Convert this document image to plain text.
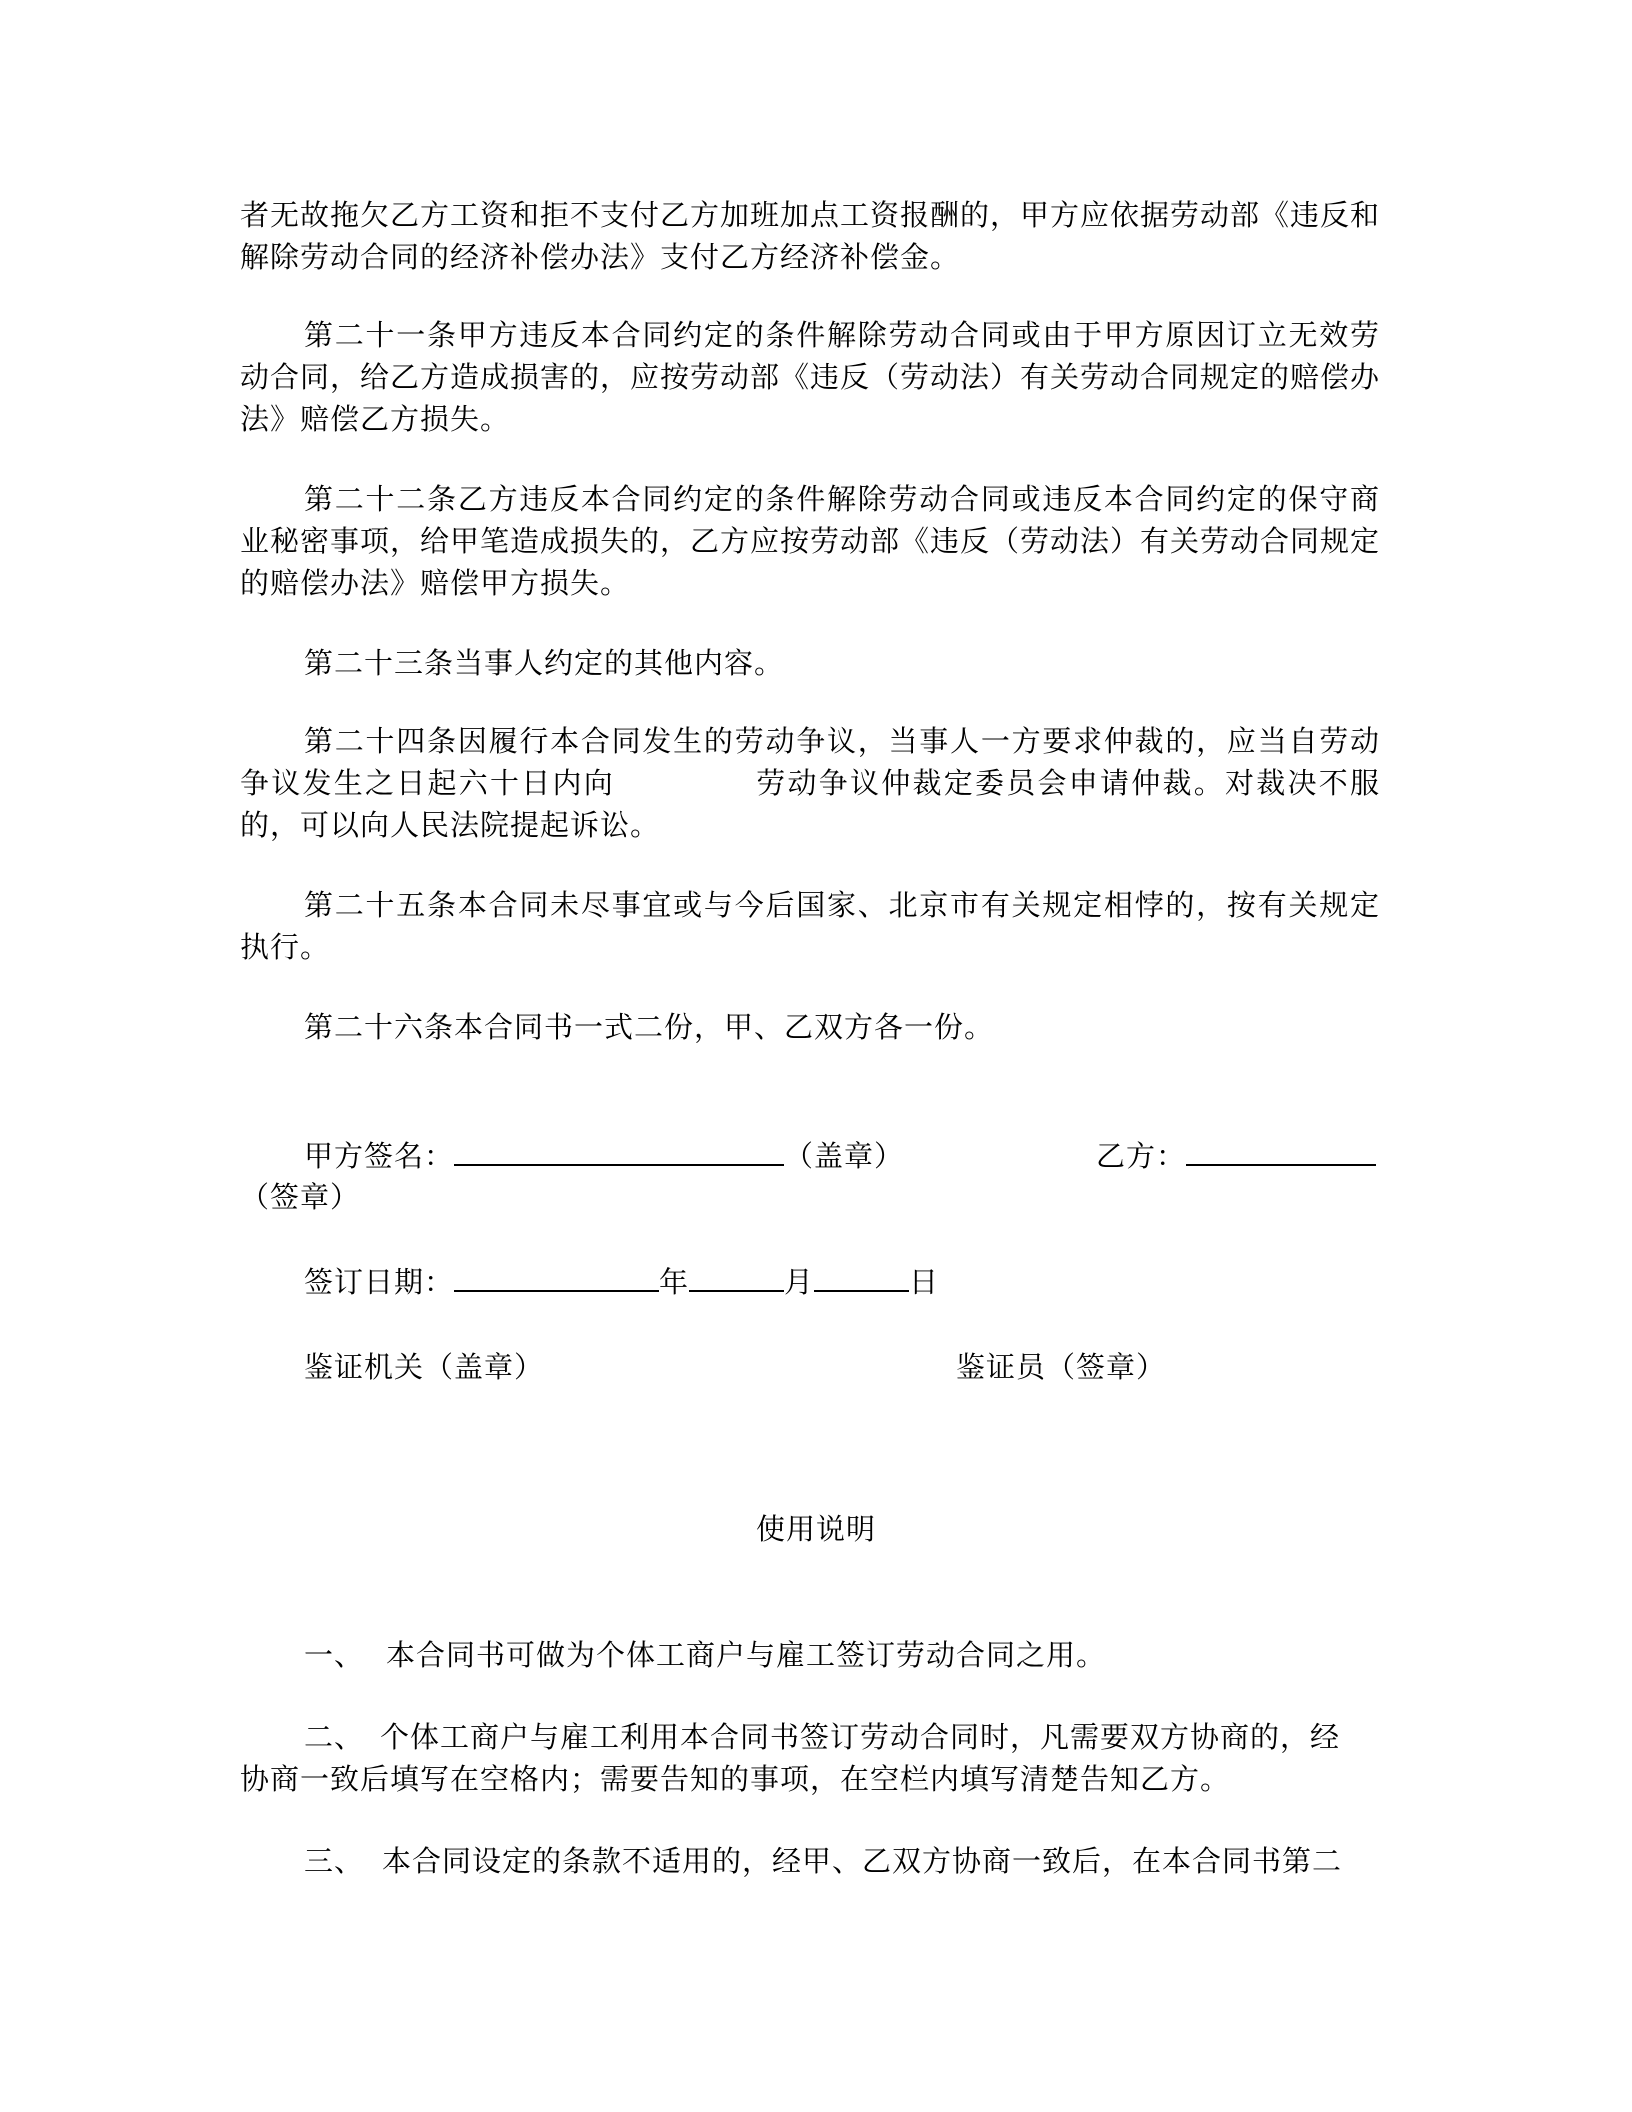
者无故拖欠乙方工资和拒不支付乙方加班加点工资报酬的，甲方应依据劳动部《违反和解除劳动合同的经济补偿办法》支付乙方经济补偿金。

第二十一条甲方违反本合同约定的条件解除劳动合同或由于甲方原因订立无效劳动合同，给乙方造成损害的，应按劳动部《违反（劳动法）有关劳动合同规定的赔偿办法》赔偿乙方损失。

第二十二条乙方违反本合同约定的条件解除劳动合同或违反本合同约定的保守商业秘密事项，给甲笔造成损失的，乙方应按劳动部《违反（劳动法）有关劳动合同规定的赔偿办法》赔偿甲方损失。

第二十三条当事人约定的其他内容。

第二十四条因履行本合同发生的劳动争议，当事人一方要求仲裁的，应当自劳动争议发生之日起六十日内向	劳动争议仲裁定委员会申请仲裁。对裁决不服的，可以向人民法院提起诉讼。

第二十五条本合同未尽事宜或与今后国家、北京市有关规定相悖的，按有关规定执行。

第二十六条本合同书一式二份，甲、乙双方各一份。

甲方签名：	（盖章）	乙方：
（签章）
签订日期：	年	月	日
鉴证机关（盖章）	鉴证员（签章）
使用说明
一、 本合同书可做为个体工商户与雇工签订劳动合同之用。
二、 个体工商户与雇工利用本合同书签订劳动合同时，凡需要双方协商的，经
协商一致后填写在空格内；需要告知的事项，在空栏内填写清楚告知乙方。
三、 本合同设定的条款不适用的，经甲、乙双方协商一致后，在本合同书第二
